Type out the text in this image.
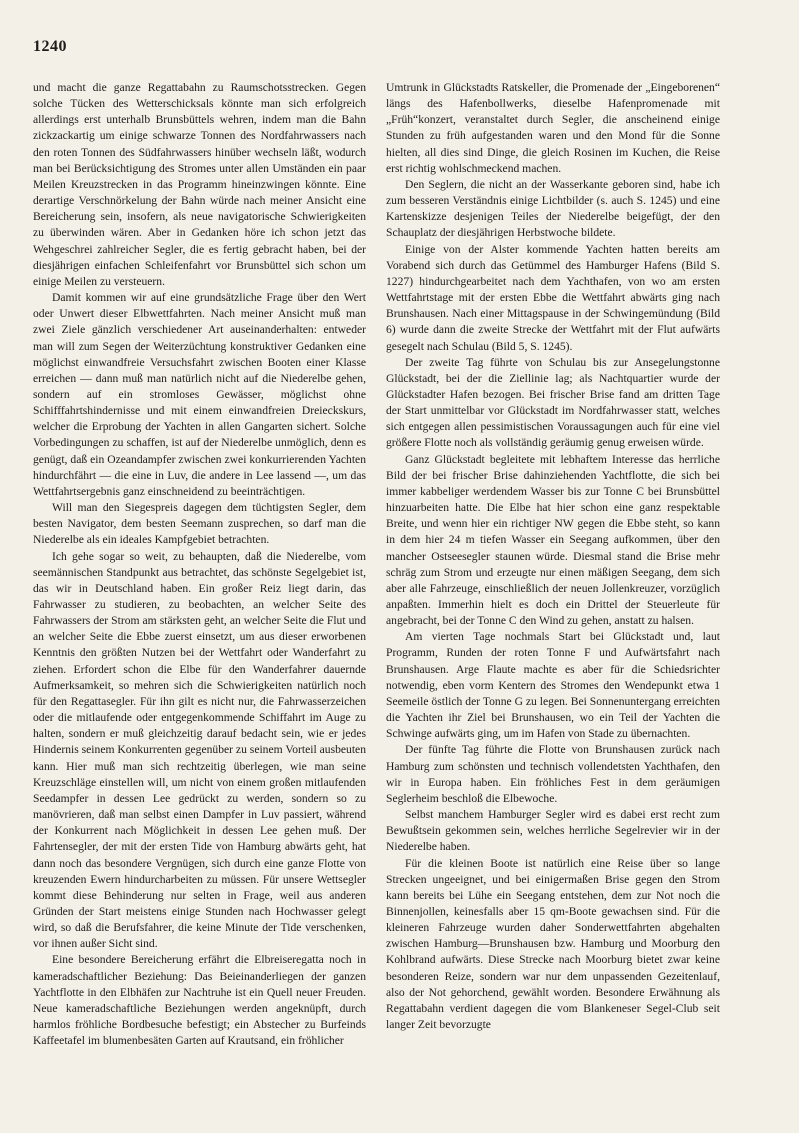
1240

und macht die ganze Regattabahn zu Raumschotsstrecken. Gegen solche Tücken des Wetterschicksals könnte man sich erfolgreich allerdings erst unterhalb Brunsbüttels wehren, indem man die Bahn zickzackartig um einige schwarze Tonnen des Nordfahrwassers nach den roten Tonnen des Südfahrwassers hinüber wechseln läßt, wodurch man bei Berücksichtigung des Stromes unter allen Umständen ein paar Meilen Kreuzstrecken in das Programm hineinzwingen könnte. Eine derartige Verschnörkelung der Bahn würde nach meiner Ansicht eine Bereicherung sein, insofern, als neue navigatorische Schwierigkeiten zu überwinden wären. Aber in Gedanken höre ich schon jetzt das Wehgeschrei zahlreicher Segler, die es fertig gebracht haben, bei der diesjährigen einfachen Schleifenfahrt vor Brunsbüttel sich schon um einige Meilen zu versteuern.

Damit kommen wir auf eine grundsätzliche Frage über den Wert oder Unwert dieser Elbwettfahrten. Nach meiner Ansicht muß man zwei Ziele gänzlich verschiedener Art auseinanderhalten: entweder man will zum Segen der Weiterzüchtung konstruktiver Gedanken eine möglichst einwandfreie Versuchsfahrt zwischen Booten einer Klasse erreichen — dann muß man natürlich nicht auf die Niederelbe gehen, sondern auf ein stromloses Gewässer, möglichst ohne Schifffahrtshindernisse und mit einem einwandfreien Dreieckskurs, welcher die Erprobung der Yachten in allen Gangarten sichert. Solche Vorbedingungen zu schaffen, ist auf der Niederelbe unmöglich, denn es genügt, daß ein Ozeandampfer zwischen zwei konkurrierenden Yachten hindurchfährt — die eine in Luv, die andere in Lee lassend —, um das Wettfahrtsergebnis ganz einschneidend zu beeinträchtigen.

Will man den Siegespreis dagegen dem tüchtigsten Segler, dem besten Navigator, dem besten Seemann zusprechen, so darf man die Niederelbe als ein ideales Kampfgebiet betrachten.

Ich gehe sogar so weit, zu behaupten, daß die Niederelbe, vom seemännischen Standpunkt aus betrachtet, das schönste Segelgebiet ist, das wir in Deutschland haben. Ein großer Reiz liegt darin, das Fahrwasser zu studieren, zu beobachten, an welcher Seite des Fahrwassers der Strom am stärksten geht, an welcher Seite die Flut und an welcher Seite die Ebbe zuerst einsetzt, um aus dieser erworbenen Kenntnis den größten Nutzen bei der Wettfahrt oder Wanderfahrt zu ziehen. Erfordert schon die Elbe für den Wanderfahrer dauernde Aufmerksamkeit, so mehren sich die Schwierigkeiten natürlich noch für den Regattasegler. Für ihn gilt es nicht nur, die Fahrwasserzeichen oder die mitlaufende oder entgegenkommende Schiffahrt im Auge zu halten, sondern er muß gleichzeitig darauf bedacht sein, wie er jedes Hindernis seinem Konkurrenten gegenüber zu seinem Vorteil ausbeuten kann. Hier muß man sich rechtzeitig überlegen, wie man seine Kreuzschläge einstellen will, um nicht von einem großen mitlaufenden Seedampfer in dessen Lee gedrückt zu werden, sondern so zu manövrieren, daß man selbst einen Dampfer in Luv passiert, während der Konkurrent nach Möglichkeit in dessen Lee gehen muß. Der Fahrtensegler, der mit der ersten Tide von Hamburg abwärts geht, hat dann noch das besondere Vergnügen, sich durch eine ganze Flotte von kreuzenden Ewern hindurcharbeiten zu müssen. Für unsere Wettsegler kommt diese Behinderung nur selten in Frage, weil aus anderen Gründen der Start meistens einige Stunden nach Hochwasser gelegt wird, so daß die Berufsfahrer, die keine Minute der Tide verschenken, vor ihnen außer Sicht sind.

Eine besondere Bereicherung erfährt die Elbreiseregatta noch in kameradschaftlicher Beziehung: Das Beieinanderliegen der ganzen Yachtflotte in den Elbhäfen zur Nachtruhe ist ein Quell neuer Freuden. Neue kameradschaftliche Beziehungen werden angeknüpft, durch harmlos fröhliche Bordbesuche befestigt; ein Abstecher zu Burfeinds Kaffeetafel im blumenbesäten Garten auf Krautsand, ein fröhlicher

Umtrunk in Glückstadts Ratskeller, die Promenade der „Eingeborenen“ längs des Hafenbollwerks, dieselbe Hafenpromenade mit „Früh“konzert, veranstaltet durch Segler, die anscheinend einige Stunden zu früh aufgestanden waren und den Mond für die Sonne hielten, all dies sind Dinge, die gleich Rosinen im Kuchen, die Reise erst richtig wohlschmeckend machen.

Den Seglern, die nicht an der Wasserkante geboren sind, habe ich zum besseren Verständnis einige Lichtbilder (s. auch S. 1245) und eine Kartenskizze desjenigen Teiles der Niederelbe beigefügt, der den Schauplatz der diesjährigen Herbstwoche bildete.

Einige von der Alster kommende Yachten hatten bereits am Vorabend sich durch das Getümmel des Hamburger Hafens (Bild S. 1227) hindurchgearbeitet nach dem Yachthafen, von wo am ersten Wettfahrtstage mit der ersten Ebbe die Wettfahrt abwärts ging nach Brunshausen. Nach einer Mittagspause in der Schwingemündung (Bild 6) wurde dann die zweite Strecke der Wettfahrt mit der Flut aufwärts gesegelt nach Schulau (Bild 5, S. 1245).

Der zweite Tag führte von Schulau bis zur Ansegelungstonne Glückstadt, bei der die Ziellinie lag; als Nachtquartier wurde der Glückstadter Hafen bezogen. Bei frischer Brise fand am dritten Tage der Start unmittelbar vor Glückstadt im Nordfahrwasser statt, welches sich entgegen allen pessimistischen Voraussagungen auch für eine viel größere Flotte noch als vollständig geräumig genug erweisen würde.

Ganz Glückstadt begleitete mit lebhaftem Interesse das herrliche Bild der bei frischer Brise dahinziehenden Yachtflotte, die sich bei immer kabbeliger werdendem Wasser bis zur Tonne C bei Brunsbüttel hinzuarbeiten hatte. Die Elbe hat hier schon eine ganz respektable Breite, und wenn hier ein richtiger NW gegen die Ebbe steht, so kann in dem hier 24 m tiefen Wasser ein Seegang aufkommen, über den mancher Ostseesegler staunen würde. Diesmal stand die Brise mehr schräg zum Strom und erzeugte nur einen mäßigen Seegang, dem sich aber alle Fahrzeuge, einschließlich der neuen Jollenkreuzer, vorzüglich anpaßten. Immerhin hielt es doch ein Drittel der Steuerleute für angebracht, bei der Tonne C den Wind zu gehen, anstatt zu halsen.

Am vierten Tage nochmals Start bei Glückstadt und, laut Programm, Runden der roten Tonne F und Aufwärtsfahrt nach Brunshausen. Arge Flaute machte es aber für die Schiedsrichter notwendig, eben vorm Kentern des Stromes den Wendepunkt etwa 1 Seemeile östlich der Tonne G zu legen. Bei Sonnenuntergang erreichten die Yachten ihr Ziel bei Brunshausen, wo ein Teil der Yachten die Schwinge aufwärts ging, um im Hafen von Stade zu übernachten.

Der fünfte Tag führte die Flotte von Brunshausen zurück nach Hamburg zum schönsten und technisch vollendetsten Yachthafen, den wir in Europa haben. Ein fröhliches Fest in dem geräumigen Seglerheim beschloß die Elbewoche.

Selbst manchem Hamburger Segler wird es dabei erst recht zum Bewußtsein gekommen sein, welches herrliche Segelrevier wir in der Niederelbe haben.

Für die kleinen Boote ist natürlich eine Reise über so lange Strecken ungeeignet, und bei einigermaßen Brise gegen den Strom kann bereits bei Lühe ein Seegang entstehen, dem zur Not noch die Binnenjollen, keinesfalls aber 15 qm-Boote gewachsen sind. Für die kleineren Fahrzeuge wurden daher Sonderwettfahrten abgehalten zwischen Hamburg—Brunshausen bzw. Hamburg und Moorburg den Kohlbrand aufwärts. Diese Strecke nach Moorburg bietet zwar keine besonderen Reize, sondern war nur dem unpassenden Gezeitenlauf, also der Not gehorchend, gewählt worden. Besondere Erwähnung als Regattabahn verdient dagegen die vom Blankeneser Segel-Club seit langer Zeit bevorzugte
